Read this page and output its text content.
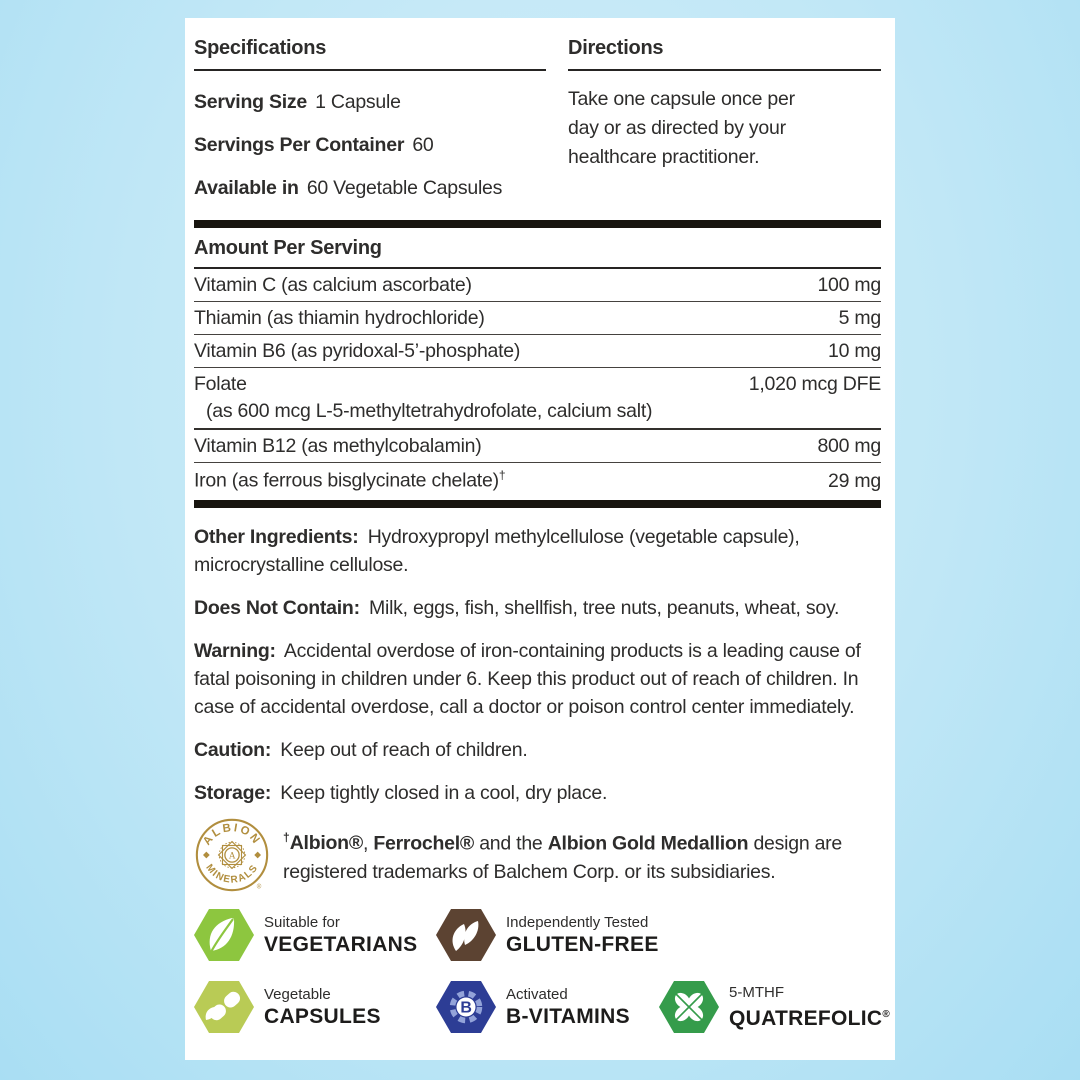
Specifications
Serving Size 1 Capsule
Servings Per Container 60
Available in 60 Vegetable Capsules
Directions
Take one capsule once per day or as directed by your healthcare practitioner.
Amount Per Serving
Vitamin C (as calcium ascorbate)	100 mg
Thiamin (as thiamin hydrochloride)	5 mg
Vitamin B6 (as pyridoxal-5’-phosphate)	10 mg
Folate	1,020 mcg DFE
(as 600 mcg L-5-methyltetrahydrofolate, calcium salt)
Vitamin B12 (as methylcobalamin)	800 mg
Iron (as ferrous bisglycinate chelate)†	29 mg
Other Ingredients: Hydroxypropyl methylcellulose (vegetable capsule), microcrystalline cellulose.
Does Not Contain: Milk, eggs, fish, shellfish, tree nuts, peanuts, wheat, soy.
Warning: Accidental overdose of iron-containing products is a leading cause of fatal poisoning in children under 6. Keep this product out of reach of children. In case of accidental overdose, call a doctor or poison control center immediately.
Caution: Keep out of reach of children.
Storage: Keep tightly closed in a cool, dry place.
ALBION
MINERALS
A
®
†Albion®, Ferrochel® and the Albion Gold Medallion design are registered trademarks of Balchem Corp. or its subsidiaries.
Suitable for
VEGETARIANS
Independently Tested
GLUTEN-FREE
Vegetable
CAPSULES	B
Activated
B-VITAMINS
5-MTHF
QUATREFOLIC®
